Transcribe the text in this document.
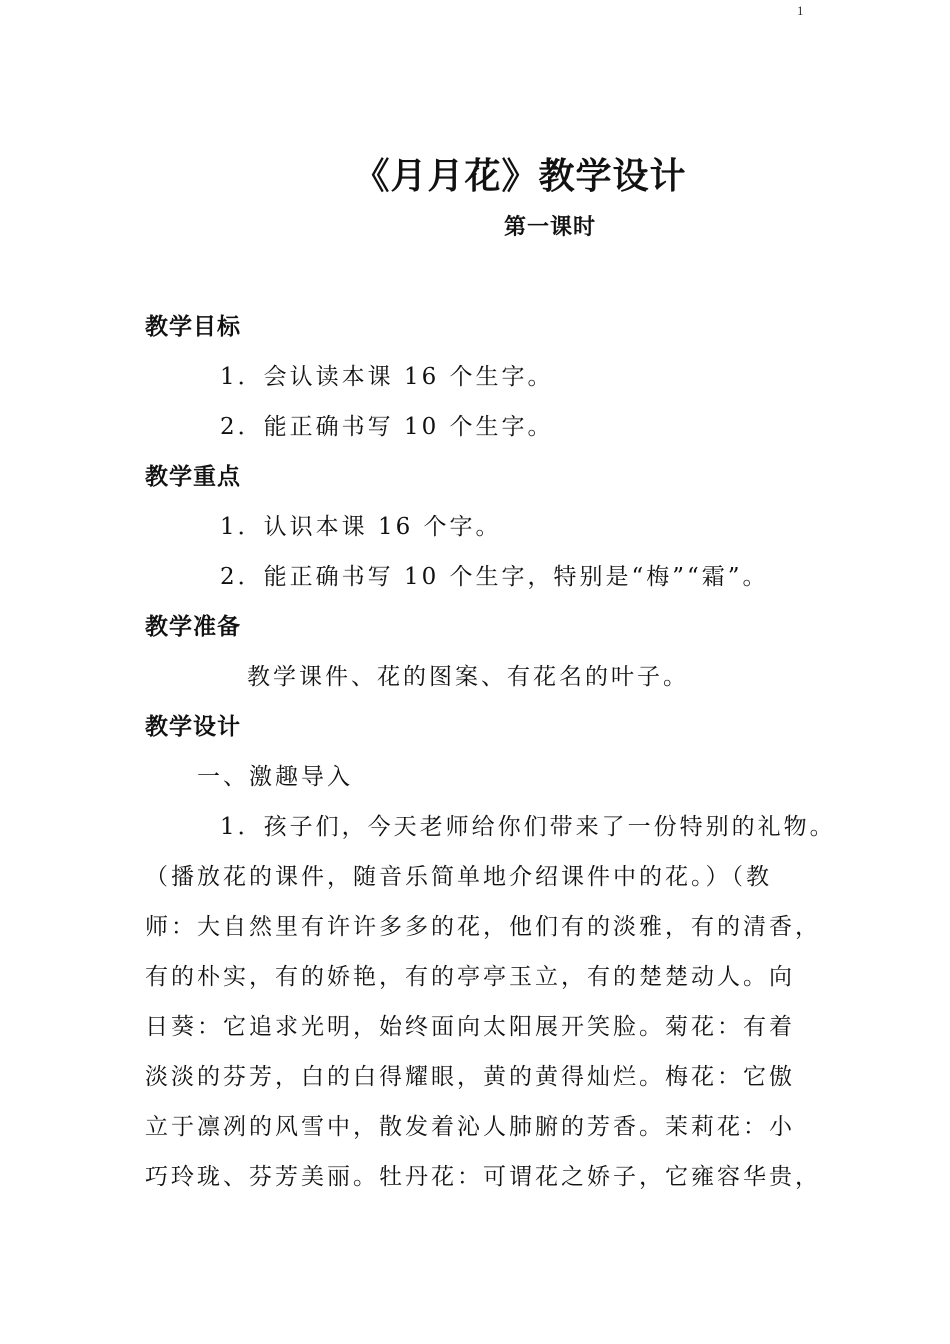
1
《月月花》教学设计
第一课时
教学目标
1．会认读本课 16 个生字。
2．能正确书写 10 个生字。
教学重点
1．认识本课 16 个字。
2．能正确书写 10 个生字，特别是“梅”“霜”。
教学准备
教学课件、花的图案、有花名的叶子。
教学设计
一、激趣导入
1．孩子们，今天老师给你们带来了一份特别的礼物。
（播放花的课件，随音乐简单地介绍课件中的花。）（教
师：大自然里有许许多多的花，他们有的淡雅，有的清香，
有的朴实，有的娇艳，有的亭亭玉立，有的楚楚动人。向
日葵：它追求光明，始终面向太阳展开笑脸。菊花：有着
淡淡的芬芳，白的白得耀眼，黄的黄得灿烂。梅花：它傲
立于凛冽的风雪中，散发着沁人肺腑的芳香。茉莉花：小
巧玲珑、芬芳美丽。牡丹花：可谓花之娇子，它雍容华贵，
